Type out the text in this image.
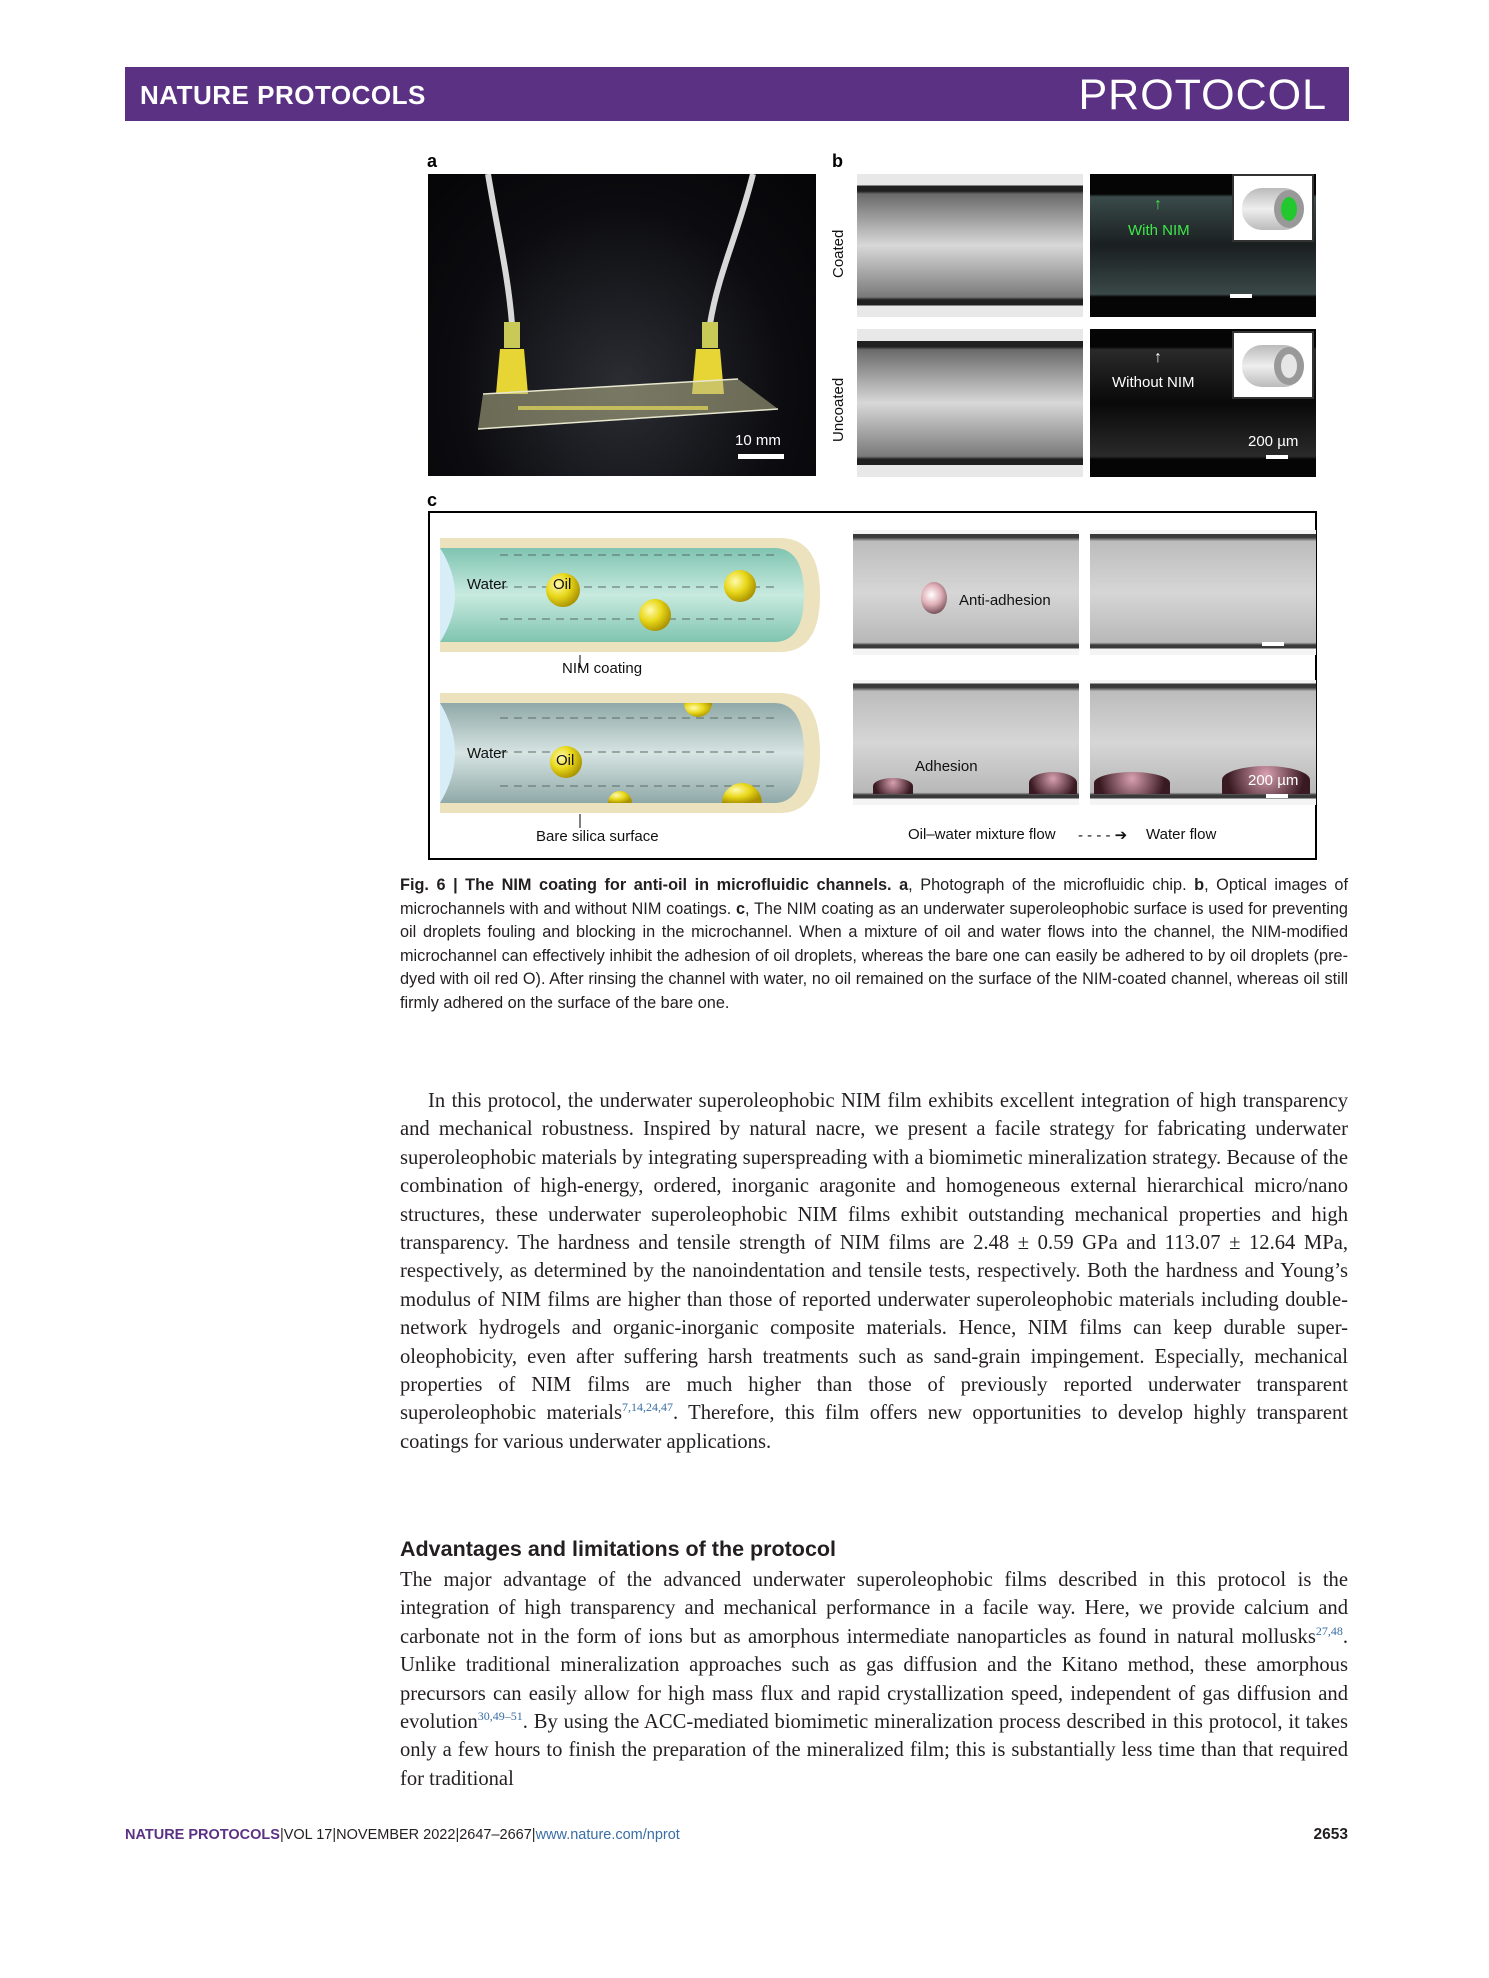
NATURE PROTOCOLS	PROTOCOL
a	b
c
10 mm
Coated
Uncoated
With NIM
↑
Without NIM
↑
200 µm
Water	Oil
NIM coating
Water	Oil
Bare silica surface
Anti-adhesion
Adhesion
200 µm
Oil–water mixture flow - - - - ➔ Water flow
Fig. 6 | The NIM coating for anti-oil in microfluidic channels. a, Photograph of the microfluidic chip. b, Optical images of microchannels with and without NIM coatings. c, The NIM coating as an underwater superoleophobic surface is used for preventing oil droplets fouling and blocking in the microchannel. When a mixture of oil and water flows into the channel, the NIM-modified microchannel can effectively inhibit the adhesion of oil droplets, whereas the bare one can easily be adhered to by oil droplets (pre-dyed with oil red O). After rinsing the channel with water, no oil remained on the surface of the NIM-coated channel, whereas oil still firmly adhered on the surface of the bare one.

In this protocol, the underwater superoleophobic NIM film exhibits excellent integration of high transparency and mechanical robustness. Inspired by natural nacre, we present a facile strategy for fabricating underwater superoleophobic materials by integrating superspreading with a biomimetic mineralization strategy. Because of the combination of high-energy, ordered, inorganic aragonite and homogeneous external hierarchical micro/nano structures, these underwater superoleophobic NIM films exhibit outstanding mechanical properties and high transparency. The hardness and tensile strength of NIM films are 2.48 ± 0.59 GPa and 113.07 ± 12.64 MPa, respectively, as determined by the nanoindentation and tensile tests, respectively. Both the hardness and Young’s modulus of NIM films are higher than those of reported underwater superoleophobic materials including double-network hydrogels and organic-inorganic composite materials. Hence, NIM films can keep durable super-oleophobicity, even after suffering harsh treatments such as sand-grain impingement. Especially, mechanical properties of NIM films are much higher than those of previously reported underwater transparent superoleophobic materials$^{7,14,24,47}$. Therefore, this film offers new opportunities to develop highly transparent coatings for various underwater applications.

Advantages and limitations of the protocol

The major advantage of the advanced underwater superoleophobic films described in this protocol is the integration of high transparency and mechanical performance in a facile way. Here, we provide calcium and carbonate not in the form of ions but as amorphous intermediate nanoparticles as found in natural mollusks$^{27,48}$. Unlike traditional mineralization approaches such as gas diffusion and the Kitano method, these amorphous precursors can easily allow for high mass flux and rapid crystallization speed, independent of gas diffusion and evolution$^{30,49-51}$. By using the ACC-mediated biomimetic mineralization process described in this protocol, it takes only a few hours to finish the preparation of the mineralized film; this is substantially less time than that required for traditional

NATURE PROTOCOLS|VOL 17|NOVEMBER 2022|2647–2667|www.nature.com/nprot	2653
